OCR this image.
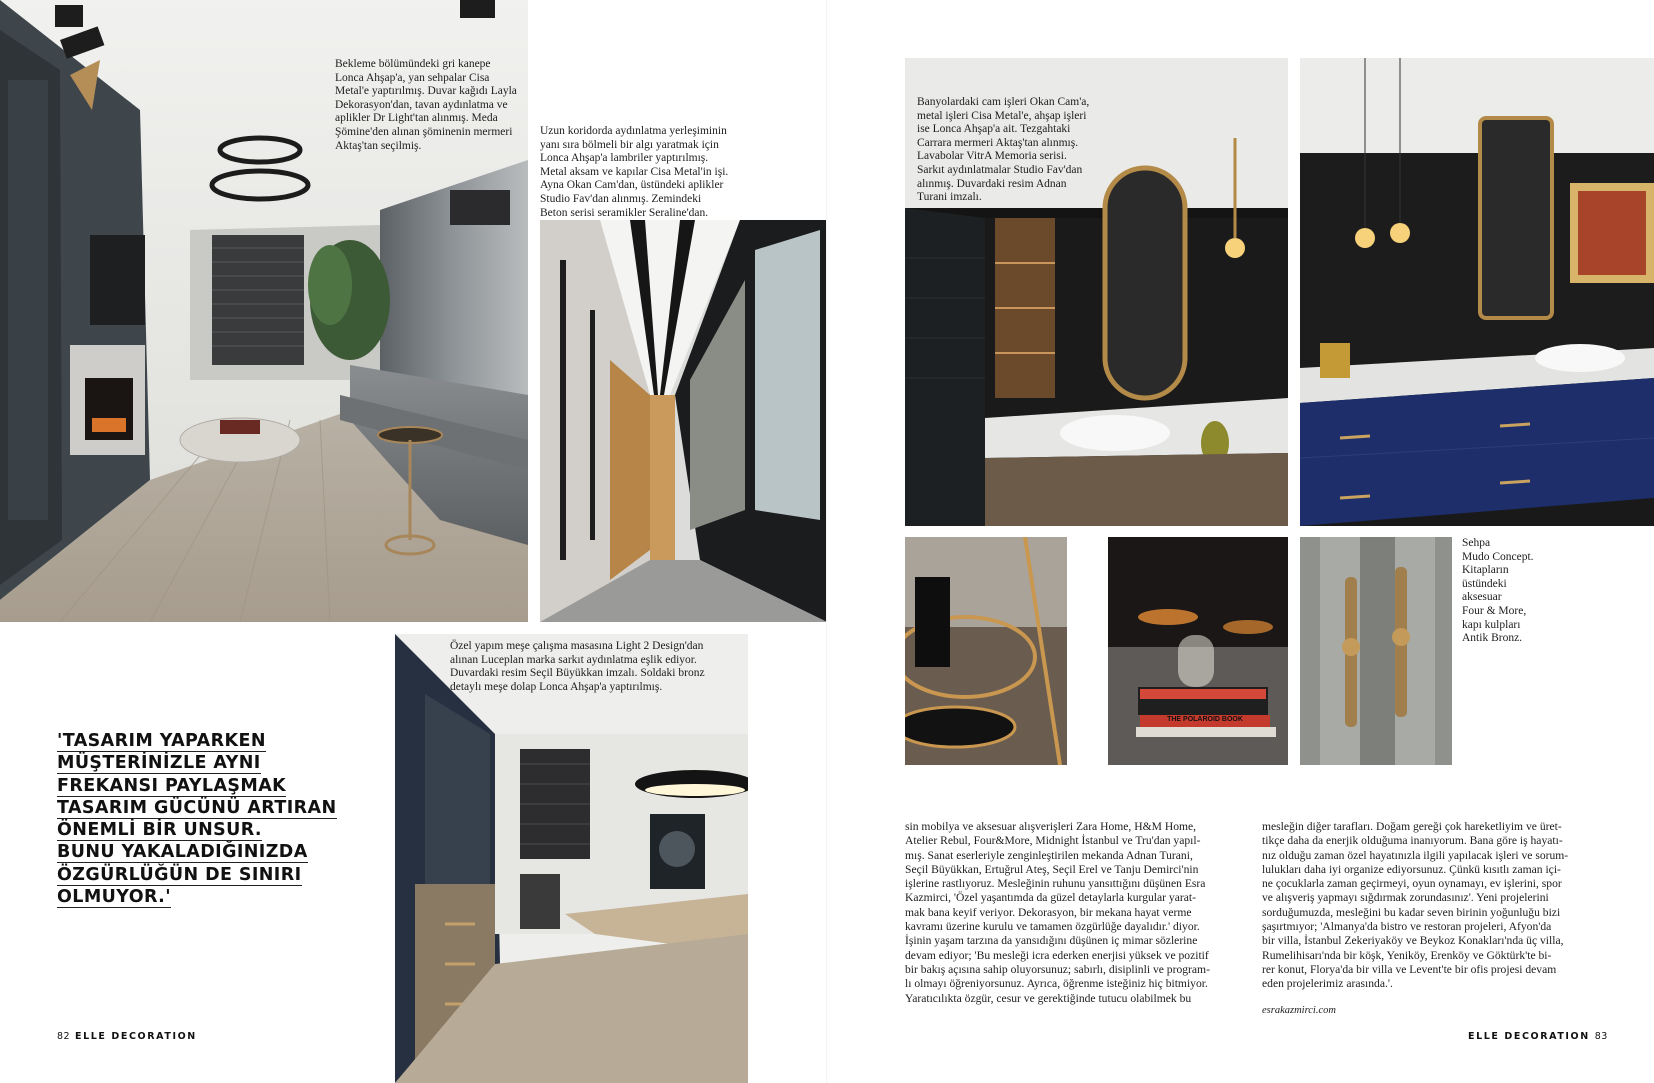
Bekleme bölümündeki gri kanepe
Lonca Ahşap'a, yan sehpalar Cisa
Metal'e yaptırılmış. Duvar kağıdı Layla
Dekorasyon'dan, tavan aydınlatma ve
aplikler Dr Light'tan alınmış. Meda
Şömine'den alınan şöminenin mermeri
Aktaş'tan seçilmiş.
Uzun koridorda aydınlatma yerleşiminin
yanı sıra bölmeli bir algı yaratmak için
Lonca Ahşap'a lambriler yaptırılmış.
Metal aksam ve kapılar Cisa Metal'in işi.
Ayna Okan Cam'dan, üstündeki aplikler
Studio Fav'dan alınmış. Zemindeki
Beton serisi seramikler Seraline'dan.
Özel yapım meşe çalışma masasına Light 2 Design'dan
alınan Luceplan marka sarkıt aydınlatma eşlik ediyor.
Duvardaki resim Seçil Büyükkan imzalı. Soldaki bronz
detaylı meşe dolap Lonca Ahşap'a yaptırılmış.
'TASARIM YAPARKEN
MÜŞTERİNİZLE AYNI
FREKANSI PAYLAŞMAK
TASARIM GÜCÜNÜ ARTIRAN
ÖNEMLİ BİR UNSUR.
BUNU YAKALADIĞINIZDA
ÖZGÜRLÜĞÜN DE SINIRI
OLMUYOR.'
82 ELLE DECORATION
Banyolardaki cam işleri Okan Cam'a,
metal işleri Cisa Metal'e, ahşap işleri
ise Lonca Ahşap'a ait. Tezgahtaki
Carrara mermeri Aktaş'tan alınmış.
Lavabolar VitrA Memoria serisi.
Sarkıt aydınlatmalar Studio Fav'dan
alınmış. Duvardaki resim Adnan
Turani imzalı.
THE POLAROID BOOK
Sehpa
Mudo Concept.
Kitapların
üstündeki
aksesuar
Four & More,
kapı kulpları
Antik Bronz.
sin mobilya ve aksesuar alışverişleri Zara Home, H&M Home,
Atelier Rebul, Four&More, Midnight İstanbul ve Tru'dan yapıl-
mış. Sanat eserleriyle zenginleştirilen mekanda Adnan Turani,
Seçil Büyükkan, Ertuğrul Ateş, Seçil Erel ve Tanju Demirci'nin
işlerine rastlıyoruz. Mesleğinin ruhunu yansıttığını düşünen Esra
Kazmirci, 'Özel yaşantımda da güzel detaylarla kurgular yarat-
mak bana keyif veriyor. Dekorasyon, bir mekana hayat verme
kavramı üzerine kurulu ve tamamen özgürlüğe dayalıdır.' diyor.
İşinin yaşam tarzına da yansıdığını düşünen iç mimar sözlerine
devam ediyor; 'Bu mesleği icra ederken enerjisi yüksek ve pozitif
bir bakış açısına sahip oluyorsunuz; sabırlı, disiplinli ve program-
lı olmayı öğreniyorsunuz. Ayrıca, öğrenme isteğiniz hiç bitmiyor.
Yaratıcılıkta özgür, cesur ve gerektiğinde tutucu olabilmek bu
mesleğin diğer tarafları. Doğam gereği çok hareketliyim ve üret-
tikçe daha da enerjik olduğuma inanıyorum. Bana göre iş hayatı-
nız olduğu zaman özel hayatınızla ilgili yapılacak işleri ve sorum-
lulukları daha iyi organize ediyorsunuz. Çünkü kısıtlı zaman içi-
ne çocuklarla zaman geçirmeyi, oyun oynamayı, ev işlerini, spor
ve alışveriş yapmayı sığdırmak zorundasınız'. Yeni projelerini
sorduğumuzda, mesleğini bu kadar seven birinin yoğunluğu bizi
şaşırtmıyor; 'Almanya'da bistro ve restoran projeleri, Afyon'da
bir villa, İstanbul Zekeriyaköy ve Beykoz Konakları'nda üç villa,
Rumelihisarı'nda bir köşk, Yeniköy, Erenköy ve Göktürk'te bi-
rer konut, Florya'da bir villa ve Levent'te bir ofis projesi devam
eden projelerimiz arasında.'.
esrakazmirci.com
ELLE DECORATION 83
